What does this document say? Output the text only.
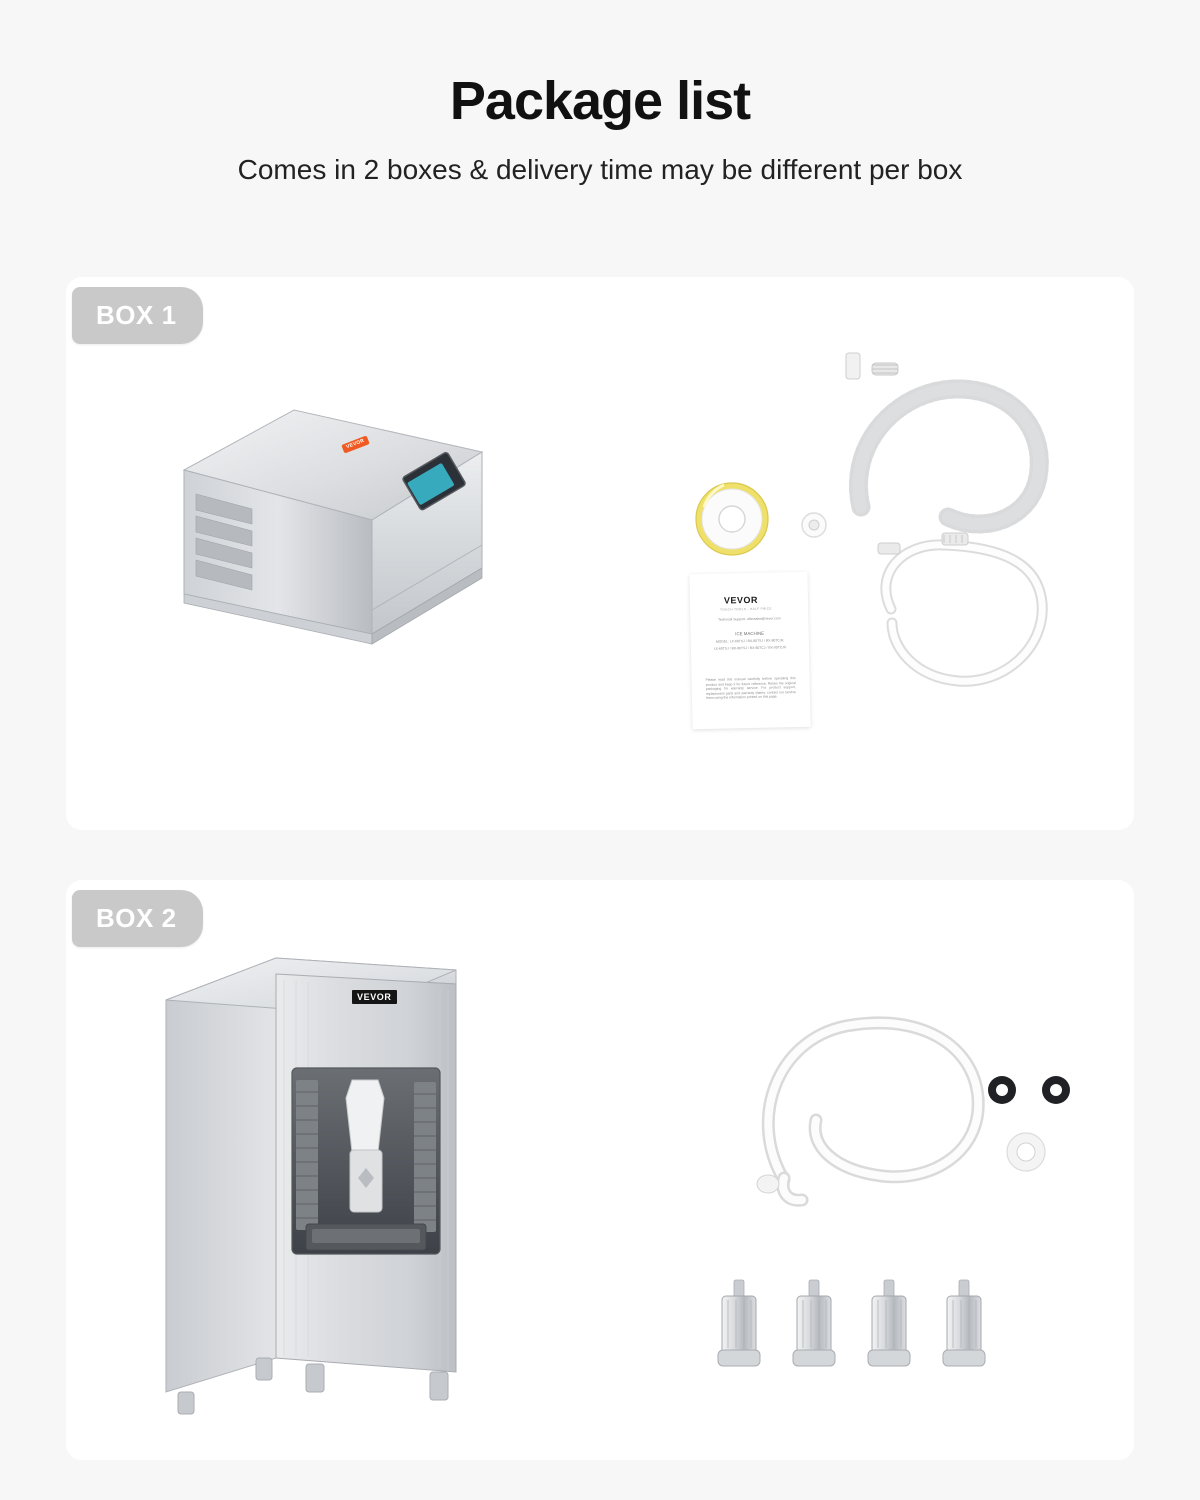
Package list

Comes in 2 boxes & delivery time may be different per box

BOX 1
VEVOR
VEVOR
TOUGH TOOLS · HALF PRICE
Technical Support: aftersales@vevor.com
ICE MACHINE
MODEL: LX-60TSJ / BX-80TSJ / BX-80TCJK
LX-60TSJ / BX-80TSJ / BX-80TCJ / BX-90TCJK
Please read this manual carefully before operating this product and keep it for future reference. Retain the original packaging for warranty service. For product support, replacement parts and warranty claims, contact our service team using the information printed on this page.
BOX 2
VEVOR
